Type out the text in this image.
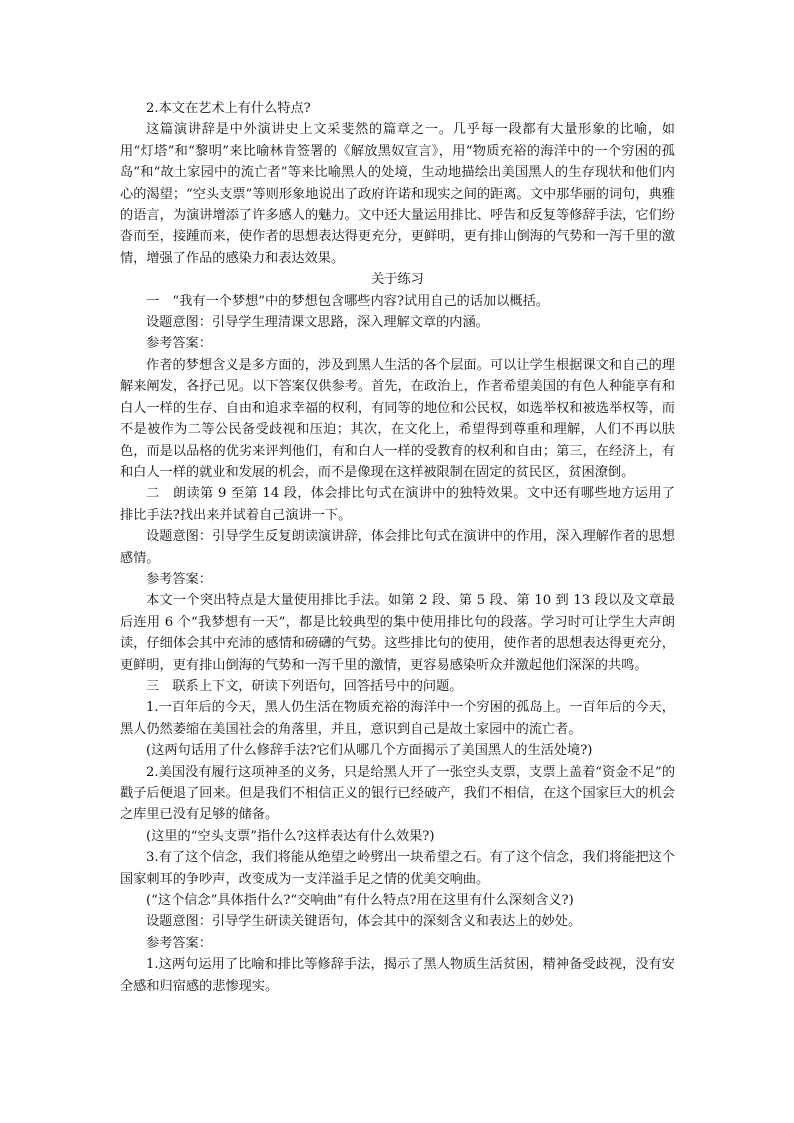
2.本文在艺术上有什么特点?

这篇演讲辞是中外演讲史上文采斐然的篇章之一。几乎每一段都有大量形象的比喻，如用“灯塔”和“黎明”来比喻林肯签署的《解放黑奴宣言》，用“物质充裕的海洋中的一个穷困的孤岛”和“故土家园中的流亡者”等来比喻黑人的处境，生动地描绘出美国黑人的生存现状和他们内心的渴望；“空头支票”等则形象地说出了政府许诺和现实之间的距离。文中那华丽的词句，典雅的语言，为演讲增添了许多感人的魅力。文中还大量运用排比、呼告和反复等修辞手法，它们纷沓而至，接踵而来，使作者的思想表达得更充分，更鲜明，更有排山倒海的气势和一泻千里的激情，增强了作品的感染力和表达效果。

关于练习

一　“我有一个梦想”中的梦想包含哪些内容?试用自己的话加以概括。

设题意图：引导学生理清课文思路，深入理解文章的内涵。

参考答案：

作者的梦想含义是多方面的，涉及到黑人生活的各个层面。可以让学生根据课文和自己的理解来阐发，各抒己见。以下答案仅供参考。首先，在政治上，作者希望美国的有色人种能享有和白人一样的生存、自由和追求幸福的权利，有同等的地位和公民权，如选举权和被选举权等，而不是被作为二等公民备受歧视和压迫；其次，在文化上，希望得到尊重和理解，人们不再以肤色，而是以品格的优劣来评判他们，有和白人一样的受教育的权利和自由；第三，在经济上，有和白人一样的就业和发展的机会，而不是像现在这样被限制在固定的贫民区，贫困潦倒。

二　朗读第 9 至第 14 段，体会排比句式在演讲中的独特效果。文中还有哪些地方运用了排比手法?找出来并试着自己演讲一下。

设题意图：引导学生反复朗读演讲辞，体会排比句式在演讲中的作用，深入理解作者的思想感情。

参考答案：

本文一个突出特点是大量使用排比手法。如第 2 段、第 5 段、第 10 到 13 段以及文章最后连用 6 个“我梦想有一天”，都是比较典型的集中使用排比句的段落。学习时可让学生大声朗读，仔细体会其中充沛的感情和磅礴的气势。这些排比句的使用，使作者的思想表达得更充分，更鲜明，更有排山倒海的气势和一泻千里的激情，更容易感染听众并激起他们深深的共鸣。

三　联系上下文，研读下列语句，回答括号中的问题。

1.一百年后的今天，黑人仍生活在物质充裕的海洋中一个穷困的孤岛上。一百年后的今天，黑人仍然萎缩在美国社会的角落里，并且，意识到自己是故土家园中的流亡者。

(这两句话用了什么修辞手法?它们从哪几个方面揭示了美国黑人的生活处境?)

2.美国没有履行这项神圣的义务，只是给黑人开了一张空头支票，支票上盖着“资金不足”的戳子后便退了回来。但是我们不相信正义的银行已经破产，我们不相信，在这个国家巨大的机会之库里已没有足够的储备。

(这里的“空头支票”指什么?这样表达有什么效果?)

3.有了这个信念，我们将能从绝望之岭劈出一块希望之石。有了这个信念，我们将能把这个国家刺耳的争吵声，改变成为一支洋溢手足之情的优美交响曲。

(“这个信念”具体指什么?“交响曲”有什么特点?用在这里有什么深刻含义?)

设题意图：引导学生研读关键语句，体会其中的深刻含义和表达上的妙处。

参考答案：

1.这两句运用了比喻和排比等修辞手法，揭示了黑人物质生活贫困，精神备受歧视，没有安全感和归宿感的悲惨现实。
